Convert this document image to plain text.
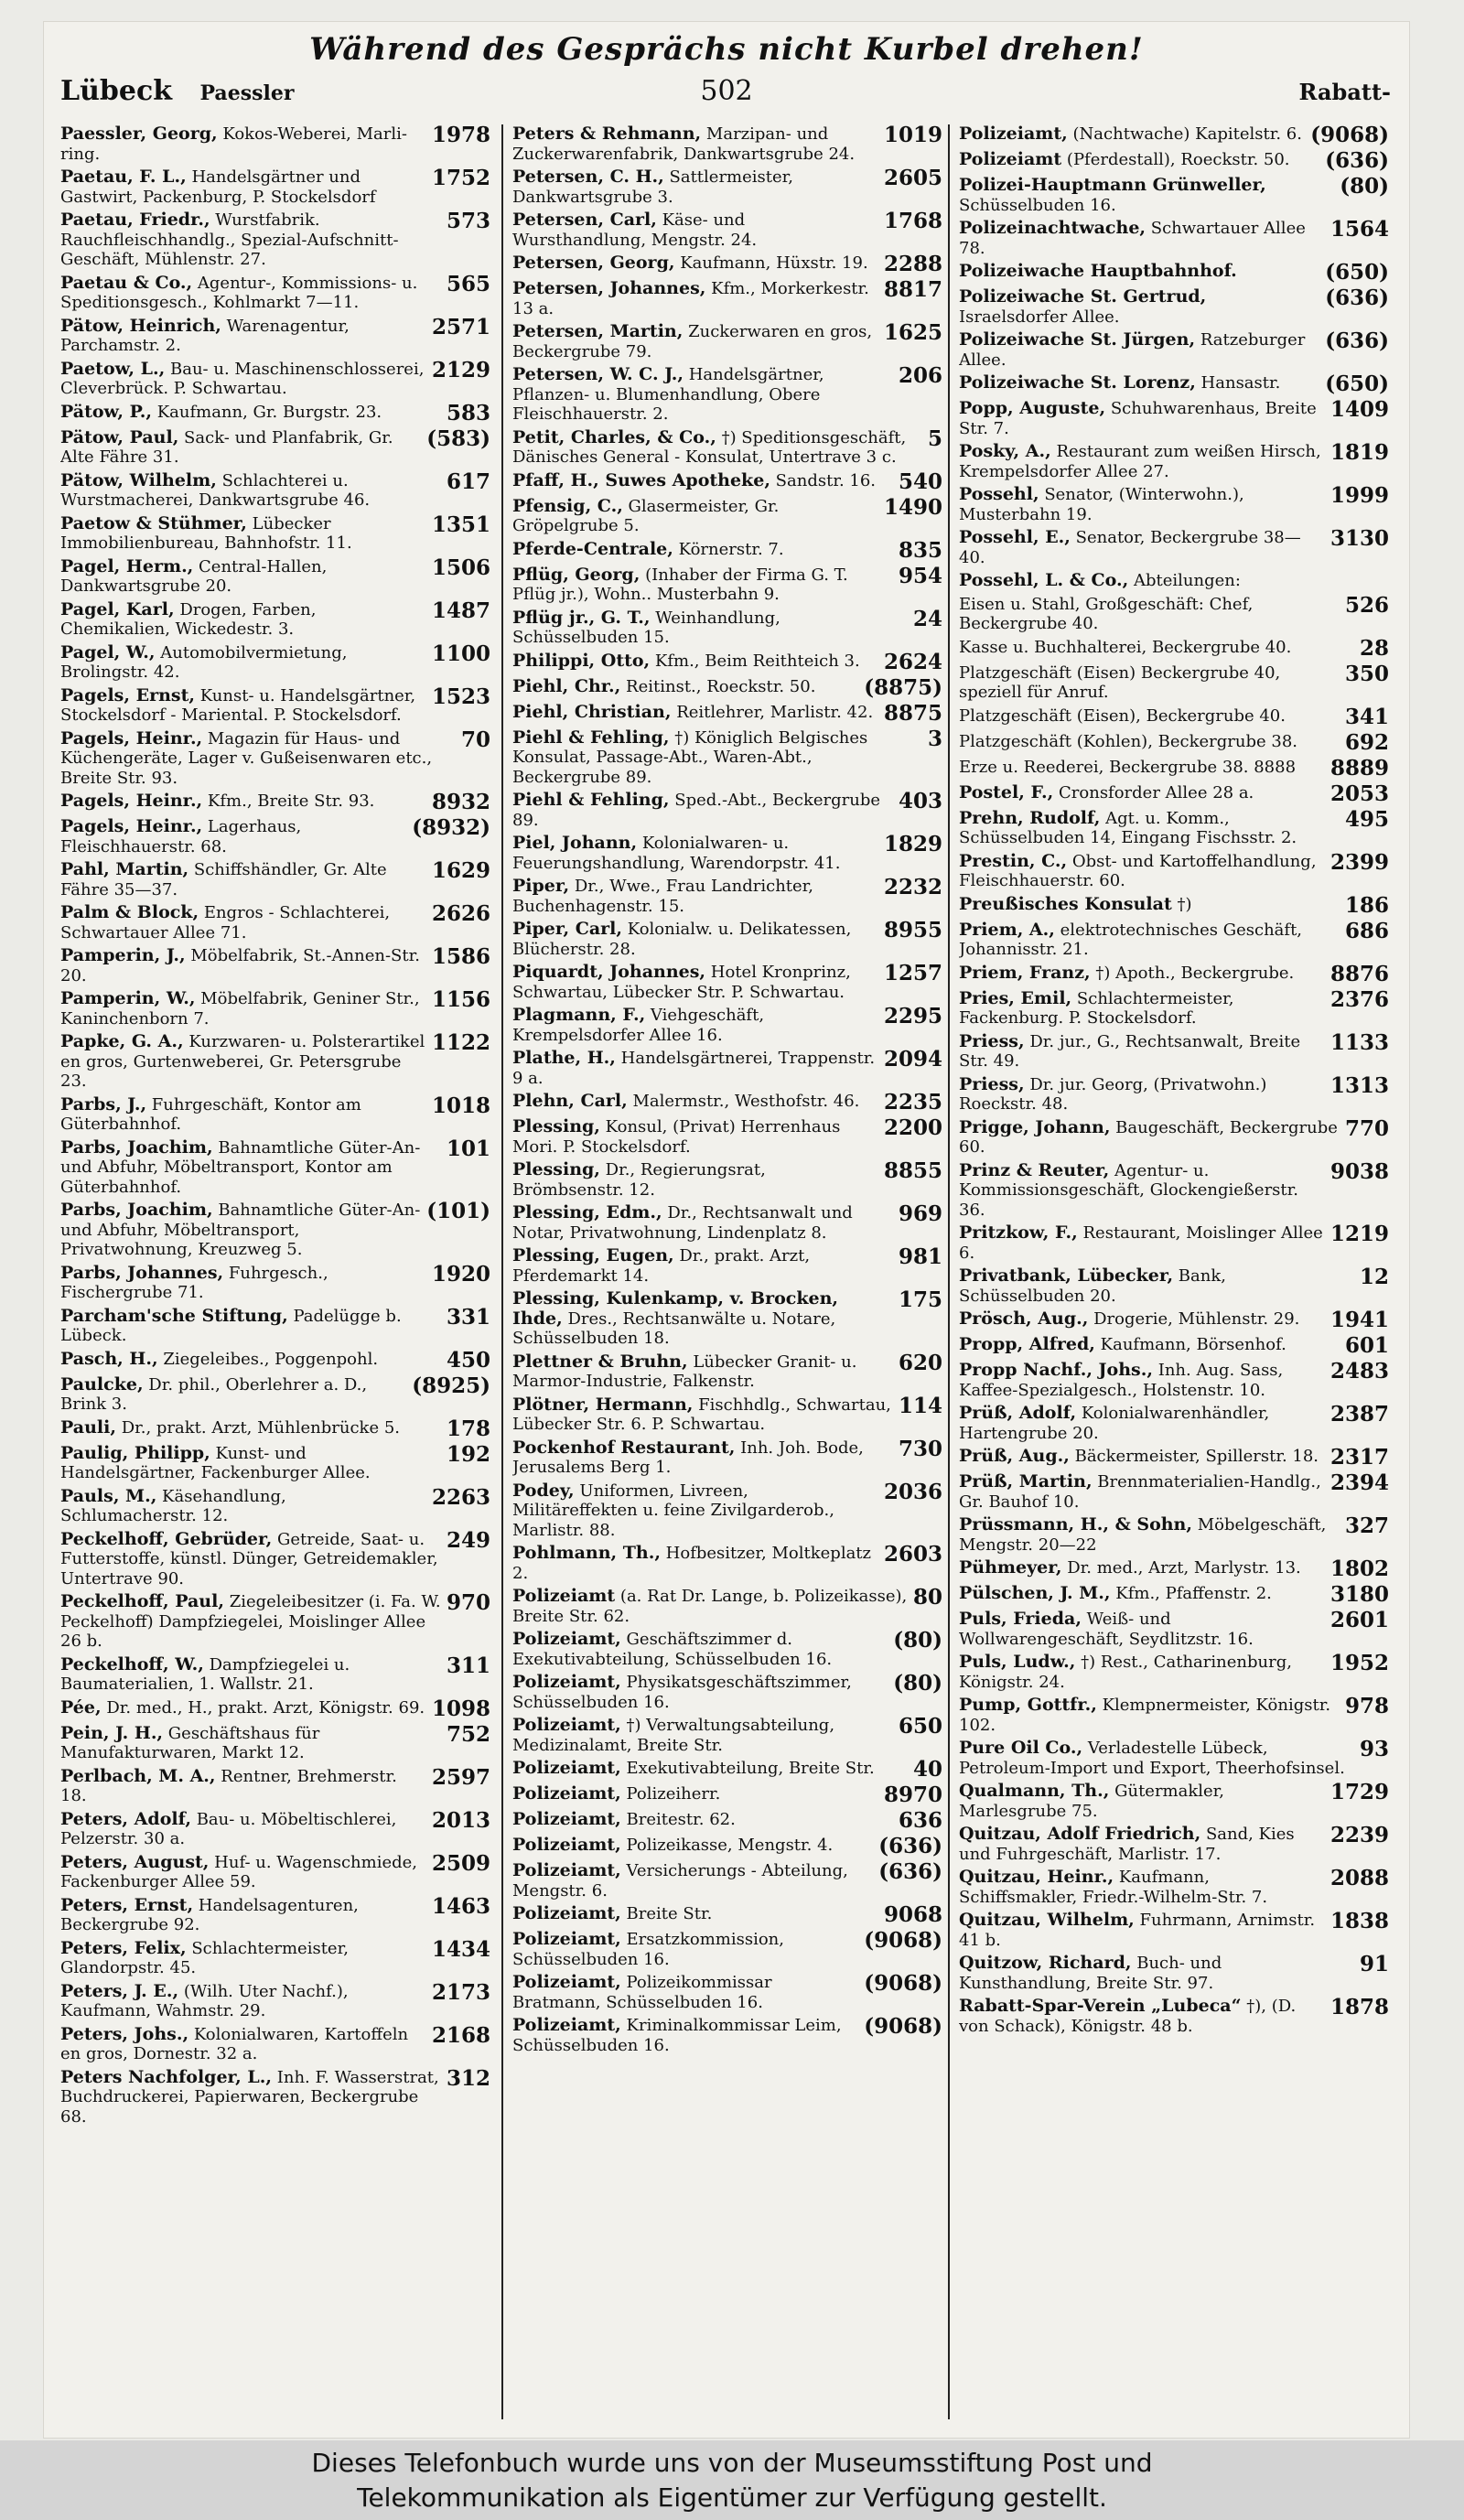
Während des Gesprächs nicht Kurbel drehen!
Lübeck Paessler	502	Rabatt-
1978
Paessler, Georg, Kokos-Weberei, Marli-ring.
1752
Paetau, F. L., Handelsgärtner und Gastwirt, Packenburg, P. Stockelsdorf
573
Paetau, Friedr., Wurstfabrik. Rauchfleischhandlg., Spezial-Aufschnitt-Geschäft, Mühlenstr. 27.
565
Paetau & Co., Agentur-, Kommissions- u. Speditionsgesch., Kohlmarkt 7—11.
2571
Pätow, Heinrich, Warenagentur, Parchamstr. 2.
2129
Paetow, L., Bau- u. Maschinenschlosserei, Cleverbrück. P. Schwartau.
583
Pätow, P., Kaufmann, Gr. Burgstr. 23.
(583)
Pätow, Paul, Sack- und Planfabrik, Gr. Alte Fähre 31.
617
Pätow, Wilhelm, Schlachterei u. Wurstmacherei, Dankwartsgrube 46.
1351
Paetow & Stühmer, Lübecker Immobilienbureau, Bahnhofstr. 11.
1506
Pagel, Herm., Central-Hallen, Dankwartsgrube 20.
1487
Pagel, Karl, Drogen, Farben, Chemikalien, Wickedestr. 3.
1100
Pagel, W., Automobilvermietung, Brolingstr. 42.
1523
Pagels, Ernst, Kunst- u. Handelsgärtner, Stockelsdorf - Mariental. P. Stockelsdorf.
70
Pagels, Heinr., Magazin für Haus- und Küchengeräte, Lager v. Gußeisenwaren etc., Breite Str. 93.
8932
Pagels, Heinr., Kfm., Breite Str. 93.
(8932)
Pagels, Heinr., Lagerhaus, Fleischhauerstr. 68.
1629
Pahl, Martin, Schiffshändler, Gr. Alte Fähre 35—37.
2626
Palm & Block, Engros - Schlachterei, Schwartauer Allee 71.
1586
Pamperin, J., Möbelfabrik, St.-Annen-Str. 20.
1156
Pamperin, W., Möbelfabrik, Geniner Str., Kaninchenborn 7.
1122
Papke, G. A., Kurzwaren- u. Polsterartikel en gros, Gurtenweberei, Gr. Petersgrube 23.
1018
Parbs, J., Fuhrgeschäft, Kontor am Güterbahnhof.
101
Parbs, Joachim, Bahnamtliche Güter-An- und Abfuhr, Möbeltransport, Kontor am Güterbahnhof.
(101)
Parbs, Joachim, Bahnamtliche Güter-An- und Abfuhr, Möbeltransport, Privatwohnung, Kreuzweg 5.
1920
Parbs, Johannes, Fuhrgesch., Fischergrube 71.
331
Parcham'sche Stiftung, Padelügge b. Lübeck.
450
Pasch, H., Ziegeleibes., Poggenpohl.
(8925)
Paulcke, Dr. phil., Oberlehrer a. D., Brink 3.
178
Pauli, Dr., prakt. Arzt, Mühlenbrücke 5.
192
Paulig, Philipp, Kunst- und Handelsgärtner, Fackenburger Allee.
2263
Pauls, M., Käsehandlung, Schlumacherstr. 12.
249
Peckelhoff, Gebrüder, Getreide, Saat- u. Futterstoffe, künstl. Dünger, Getreidemakler, Untertrave 90.
970
Peckelhoff, Paul, Ziegeleibesitzer (i. Fa. W. Peckelhoff) Dampfziegelei, Moislinger Allee 26 b.
311
Peckelhoff, W., Dampfziegelei u. Baumaterialien, 1. Wallstr. 21.
1098
Pée, Dr. med., H., prakt. Arzt, Königstr. 69.
752
Pein, J. H., Geschäftshaus für Manufakturwaren, Markt 12.
2597
Perlbach, M. A., Rentner, Brehmerstr. 18.
2013
Peters, Adolf, Bau- u. Möbeltischlerei, Pelzerstr. 30 a.
2509
Peters, August, Huf- u. Wagenschmiede, Fackenburger Allee 59.
1463
Peters, Ernst, Handelsagenturen, Beckergrube 92.
1434
Peters, Felix, Schlachtermeister, Glandorpstr. 45.
2173
Peters, J. E., (Wilh. Uter Nachf.), Kaufmann, Wahmstr. 29.
2168
Peters, Johs., Kolonialwaren, Kartoffeln en gros, Dornestr. 32 a.
312
Peters Nachfolger, L., Inh. F. Wasserstrat, Buchdruckerei, Papierwaren, Beckergrube 68.
1019
Peters & Rehmann, Marzipan- und Zuckerwarenfabrik, Dankwartsgrube 24.
2605
Petersen, C. H., Sattlermeister, Dankwartsgrube 3.
1768
Petersen, Carl, Käse- und Wursthandlung, Mengstr. 24.
2288
Petersen, Georg, Kaufmann, Hüxstr. 19.
8817
Petersen, Johannes, Kfm., Morkerkestr. 13 a.
1625
Petersen, Martin, Zuckerwaren en gros, Beckergrube 79.
206
Petersen, W. C. J., Handelsgärtner, Pflanzen- u. Blumenhandlung, Obere Fleischhauerstr. 2.
5
Petit, Charles, & Co., †) Speditionsgeschäft, Dänisches General - Konsulat, Untertrave 3 c.
540
Pfaff, H., Suwes Apotheke, Sandstr. 16.
1490
Pfensig, C., Glasermeister, Gr. Gröpelgrube 5.
835
Pferde-Centrale, Körnerstr. 7.
954
Pflüg, Georg, (Inhaber der Firma G. T. Pflüg jr.), Wohn.. Musterbahn 9.
24
Pflüg jr., G. T., Weinhandlung, Schüsselbuden 15.
2624
Philippi, Otto, Kfm., Beim Reithteich 3.
(8875)
Piehl, Chr., Reitinst., Roeckstr. 50.
8875
Piehl, Christian, Reitlehrer, Marlistr. 42.
3
Piehl & Fehling, †) Königlich Belgisches Konsulat, Passage-Abt., Waren-Abt., Beckergrube 89.
403
Piehl & Fehling, Sped.-Abt., Beckergrube 89.
1829
Piel, Johann, Kolonialwaren- u. Feuerungshandlung, Warendorpstr. 41.
2232
Piper, Dr., Wwe., Frau Landrichter, Buchenhagenstr. 15.
8955
Piper, Carl, Kolonialw. u. Delikatessen, Blücherstr. 28.
1257
Piquardt, Johannes, Hotel Kronprinz, Schwartau, Lübecker Str. P. Schwartau.
2295
Plagmann, F., Viehgeschäft, Krempelsdorfer Allee 16.
2094
Plathe, H., Handelsgärtnerei, Trappenstr. 9 a.
2235
Plehn, Carl, Malermstr., Westhofstr. 46.
2200
Plessing, Konsul, (Privat) Herrenhaus Mori. P. Stockelsdorf.
8855
Plessing, Dr., Regierungsrat, Brömbsenstr. 12.
969
Plessing, Edm., Dr., Rechtsanwalt und Notar, Privatwohnung, Lindenplatz 8.
981
Plessing, Eugen, Dr., prakt. Arzt, Pferdemarkt 14.
175
Plessing, Kulenkamp, v. Brocken, Ihde, Dres., Rechtsanwälte u. Notare, Schüsselbuden 18.
620
Plettner & Bruhn, Lübecker Granit- u. Marmor-Industrie, Falkenstr.
114
Plötner, Hermann, Fischhdlg., Schwartau, Lübecker Str. 6. P. Schwartau.
730
Pockenhof Restaurant, Inh. Joh. Bode, Jerusalems Berg 1.
2036
Podey, Uniformen, Livreen, Militäreffekten u. feine Zivilgarderob., Marlistr. 88.
2603
Pohlmann, Th., Hofbesitzer, Moltkeplatz 2.
80
Polizeiamt (a. Rat Dr. Lange, b. Polizeikasse), Breite Str. 62.
(80)
Polizeiamt, Geschäftszimmer d. Exekutivabteilung, Schüsselbuden 16.
(80)
Polizeiamt, Physikatsgeschäftszimmer, Schüsselbuden 16.
650
Polizeiamt, †) Verwaltungsabteilung, Medizinalamt, Breite Str.
40
Polizeiamt, Exekutivabteilung, Breite Str.
8970
Polizeiamt, Polizeiherr.
636
Polizeiamt, Breitestr. 62.
(636)
Polizeiamt, Polizeikasse, Mengstr. 4.
(636)
Polizeiamt, Versicherungs - Abteilung, Mengstr. 6.
9068
Polizeiamt, Breite Str.
(9068)
Polizeiamt, Ersatzkommission, Schüsselbuden 16.
(9068)
Polizeiamt, Polizeikommissar Bratmann, Schüsselbuden 16.
(9068)
Polizeiamt, Kriminalkommissar Leim, Schüsselbuden 16.
(9068)
Polizeiamt, (Nachtwache) Kapitelstr. 6.
(636)
Polizeiamt (Pferdestall), Roeckstr. 50.
(80)
Polizei-Hauptmann Grünweller, Schüsselbuden 16.
1564
Polizeinachtwache, Schwartauer Allee 78.
(650)
Polizeiwache Hauptbahnhof.
(636)
Polizeiwache St. Gertrud, Israelsdorfer Allee.
(636)
Polizeiwache St. Jürgen, Ratzeburger Allee.
(650)
Polizeiwache St. Lorenz, Hansastr.
1409
Popp, Auguste, Schuhwarenhaus, Breite Str. 7.
1819
Posky, A., Restaurant zum weißen Hirsch, Krempelsdorfer Allee 27.
1999
Possehl, Senator, (Winterwohn.), Musterbahn 19.
3130
Possehl, E., Senator, Beckergrube 38—40.
Possehl, L. & Co., Abteilungen:
526
Eisen u. Stahl, Großgeschäft: Chef, Beckergrube 40.
28
Kasse u. Buchhalterei, Beckergrube 40.
350
Platzgeschäft (Eisen) Beckergrube 40, speziell für Anruf.
341
Platzgeschäft (Eisen), Beckergrube 40.
692
Platzgeschäft (Kohlen), Beckergrube 38.
8889
Erze u. Reederei, Beckergrube 38. 8888
2053
Postel, F., Cronsforder Allee 28 a.
495
Prehn, Rudolf, Agt. u. Komm., Schüsselbuden 14, Eingang Fischsstr. 2.
2399
Prestin, C., Obst- und Kartoffelhandlung, Fleischhauerstr. 60.
186
Preußisches Konsulat †)
686
Priem, A., elektrotechnisches Geschäft, Johannisstr. 21.
8876
Priem, Franz, †) Apoth., Beckergrube.
2376
Pries, Emil, Schlachtermeister, Fackenburg. P. Stockelsdorf.
1133
Priess, Dr. jur., G., Rechtsanwalt, Breite Str. 49.
1313
Priess, Dr. jur. Georg, (Privatwohn.) Roeckstr. 48.
770
Prigge, Johann, Baugeschäft, Beckergrube 60.
9038
Prinz & Reuter, Agentur- u. Kommissionsgeschäft, Glockengießerstr. 36.
1219
Pritzkow, F., Restaurant, Moislinger Allee 6.
12
Privatbank, Lübecker, Bank, Schüsselbuden 20.
1941
Prösch, Aug., Drogerie, Mühlenstr. 29.
601
Propp, Alfred, Kaufmann, Börsenhof.
2483
Propp Nachf., Johs., Inh. Aug. Sass, Kaffee-Spezialgesch., Holstenstr. 10.
2387
Prüß, Adolf, Kolonialwarenhändler, Hartengrube 20.
2317
Prüß, Aug., Bäckermeister, Spillerstr. 18.
2394
Prüß, Martin, Brennmaterialien-Handlg., Gr. Bauhof 10.
327
Prüssmann, H., & Sohn, Möbelgeschäft, Mengstr. 20—22
1802
Pühmeyer, Dr. med., Arzt, Marlystr. 13.
3180
Pülschen, J. M., Kfm., Pfaffenstr. 2.
2601
Puls, Frieda, Weiß- und Wollwarengeschäft, Seydlitzstr. 16.
1952
Puls, Ludw., †) Rest., Catharinenburg, Königstr. 24.
978
Pump, Gottfr., Klempnermeister, Königstr. 102.
93
Pure Oil Co., Verladestelle Lübeck, Petroleum-Import und Export, Theerhofsinsel.
1729
Qualmann, Th., Gütermakler, Marlesgrube 75.
2239
Quitzau, Adolf Friedrich, Sand, Kies und Fuhrgeschäft, Marlistr. 17.
2088
Quitzau, Heinr., Kaufmann, Schiffsmakler, Friedr.-Wilhelm-Str. 7.
1838
Quitzau, Wilhelm, Fuhrmann, Arnimstr. 41 b.
91
Quitzow, Richard, Buch- und Kunsthandlung, Breite Str. 97.
1878
Rabatt-Spar-Verein „Lubeca“ †), (D. von Schack), Königstr. 48 b.
Dieses Telefonbuch wurde uns von der Museumsstiftung Post und
Telekommunikation als Eigentümer zur Verfügung gestellt.
